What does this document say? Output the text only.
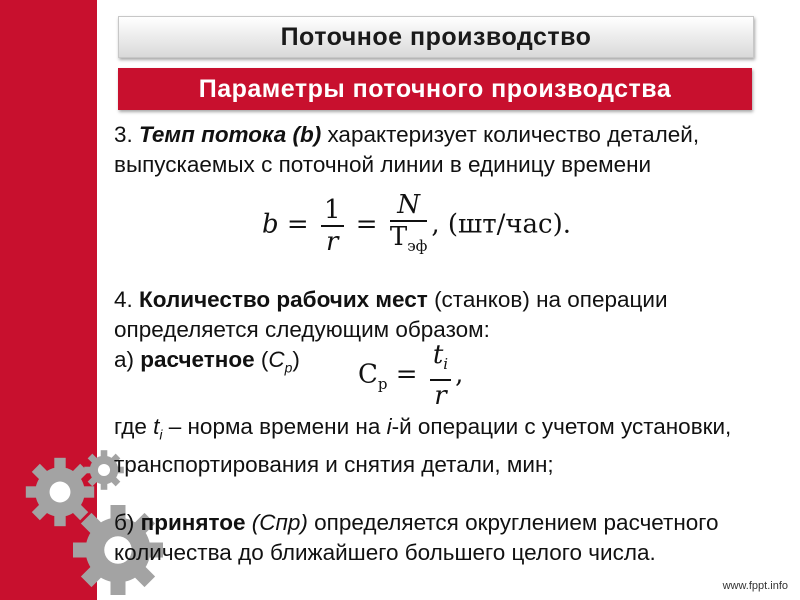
Поточное производство
Параметры поточного производства

3. Темп потока (b) характеризует количество деталей, выпускаемых с поточной линии в единицу времени

$b = \frac{1}{r} = \frac{N}{Т_{эф}}$ , (шт/час).

4. Количество рабочих мест (станков) на операции определяется следующим образом:

а) расчетное $(С_р)$

$С_р = \frac{t_i}{r}$ ,

где $t_i$ – норма времени на i-й операции с учетом установки, транспортирования и снятия детали, мин;

б) принятое (Спр) определяется округлением расчетного количества до ближайшего большего целого числа.

www.fppt.info
